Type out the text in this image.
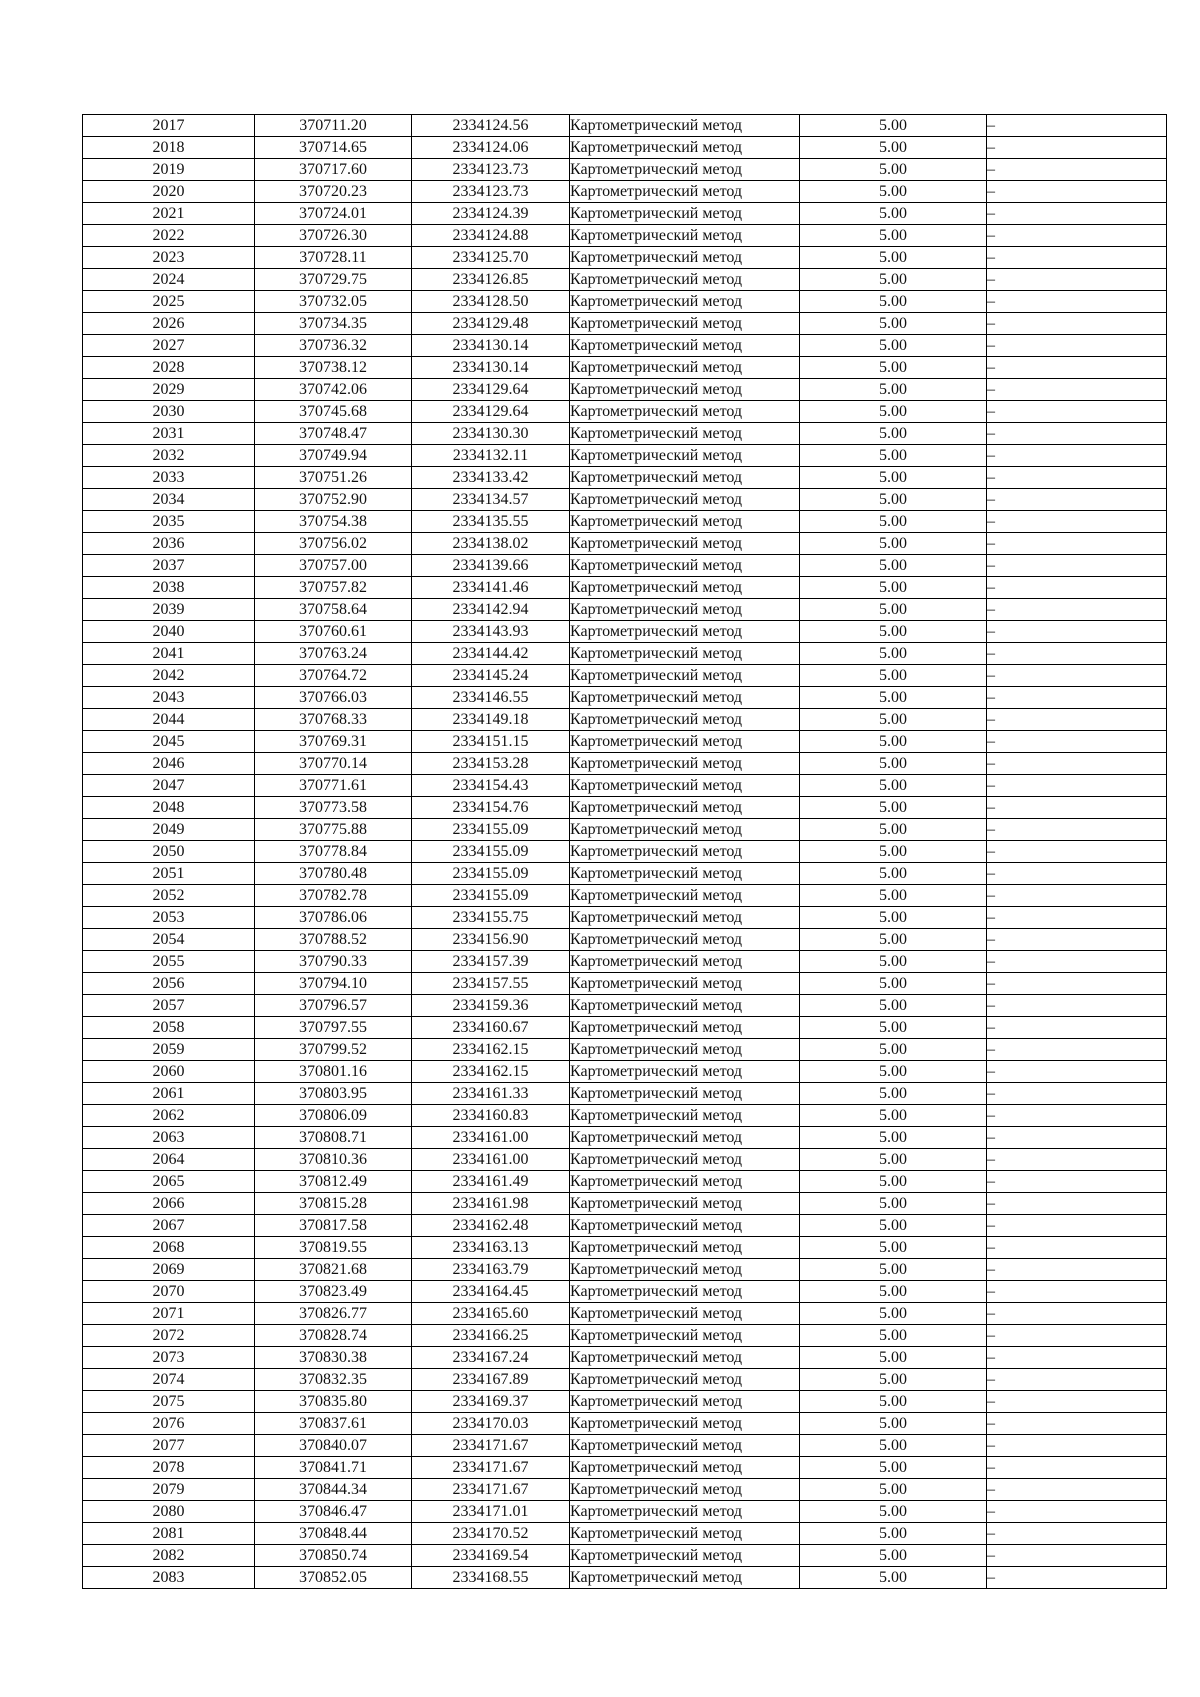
2017	370711.20	2334124.56	Картометрический метод	5.00	–
2018	370714.65	2334124.06	Картометрический метод	5.00	–
2019	370717.60	2334123.73	Картометрический метод	5.00	–
2020	370720.23	2334123.73	Картометрический метод	5.00	–
2021	370724.01	2334124.39	Картометрический метод	5.00	–
2022	370726.30	2334124.88	Картометрический метод	5.00	–
2023	370728.11	2334125.70	Картометрический метод	5.00	–
2024	370729.75	2334126.85	Картометрический метод	5.00	–
2025	370732.05	2334128.50	Картометрический метод	5.00	–
2026	370734.35	2334129.48	Картометрический метод	5.00	–
2027	370736.32	2334130.14	Картометрический метод	5.00	–
2028	370738.12	2334130.14	Картометрический метод	5.00	–
2029	370742.06	2334129.64	Картометрический метод	5.00	–
2030	370745.68	2334129.64	Картометрический метод	5.00	–
2031	370748.47	2334130.30	Картометрический метод	5.00	–
2032	370749.94	2334132.11	Картометрический метод	5.00	–
2033	370751.26	2334133.42	Картометрический метод	5.00	–
2034	370752.90	2334134.57	Картометрический метод	5.00	–
2035	370754.38	2334135.55	Картометрический метод	5.00	–
2036	370756.02	2334138.02	Картометрический метод	5.00	–
2037	370757.00	2334139.66	Картометрический метод	5.00	–
2038	370757.82	2334141.46	Картометрический метод	5.00	–
2039	370758.64	2334142.94	Картометрический метод	5.00	–
2040	370760.61	2334143.93	Картометрический метод	5.00	–
2041	370763.24	2334144.42	Картометрический метод	5.00	–
2042	370764.72	2334145.24	Картометрический метод	5.00	–
2043	370766.03	2334146.55	Картометрический метод	5.00	–
2044	370768.33	2334149.18	Картометрический метод	5.00	–
2045	370769.31	2334151.15	Картометрический метод	5.00	–
2046	370770.14	2334153.28	Картометрический метод	5.00	–
2047	370771.61	2334154.43	Картометрический метод	5.00	–
2048	370773.58	2334154.76	Картометрический метод	5.00	–
2049	370775.88	2334155.09	Картометрический метод	5.00	–
2050	370778.84	2334155.09	Картометрический метод	5.00	–
2051	370780.48	2334155.09	Картометрический метод	5.00	–
2052	370782.78	2334155.09	Картометрический метод	5.00	–
2053	370786.06	2334155.75	Картометрический метод	5.00	–
2054	370788.52	2334156.90	Картометрический метод	5.00	–
2055	370790.33	2334157.39	Картометрический метод	5.00	–
2056	370794.10	2334157.55	Картометрический метод	5.00	–
2057	370796.57	2334159.36	Картометрический метод	5.00	–
2058	370797.55	2334160.67	Картометрический метод	5.00	–
2059	370799.52	2334162.15	Картометрический метод	5.00	–
2060	370801.16	2334162.15	Картометрический метод	5.00	–
2061	370803.95	2334161.33	Картометрический метод	5.00	–
2062	370806.09	2334160.83	Картометрический метод	5.00	–
2063	370808.71	2334161.00	Картометрический метод	5.00	–
2064	370810.36	2334161.00	Картометрический метод	5.00	–
2065	370812.49	2334161.49	Картометрический метод	5.00	–
2066	370815.28	2334161.98	Картометрический метод	5.00	–
2067	370817.58	2334162.48	Картометрический метод	5.00	–
2068	370819.55	2334163.13	Картометрический метод	5.00	–
2069	370821.68	2334163.79	Картометрический метод	5.00	–
2070	370823.49	2334164.45	Картометрический метод	5.00	–
2071	370826.77	2334165.60	Картометрический метод	5.00	–
2072	370828.74	2334166.25	Картометрический метод	5.00	–
2073	370830.38	2334167.24	Картометрический метод	5.00	–
2074	370832.35	2334167.89	Картометрический метод	5.00	–
2075	370835.80	2334169.37	Картометрический метод	5.00	–
2076	370837.61	2334170.03	Картометрический метод	5.00	–
2077	370840.07	2334171.67	Картометрический метод	5.00	–
2078	370841.71	2334171.67	Картометрический метод	5.00	–
2079	370844.34	2334171.67	Картометрический метод	5.00	–
2080	370846.47	2334171.01	Картометрический метод	5.00	–
2081	370848.44	2334170.52	Картометрический метод	5.00	–
2082	370850.74	2334169.54	Картометрический метод	5.00	–
2083	370852.05	2334168.55	Картометрический метод	5.00	–
